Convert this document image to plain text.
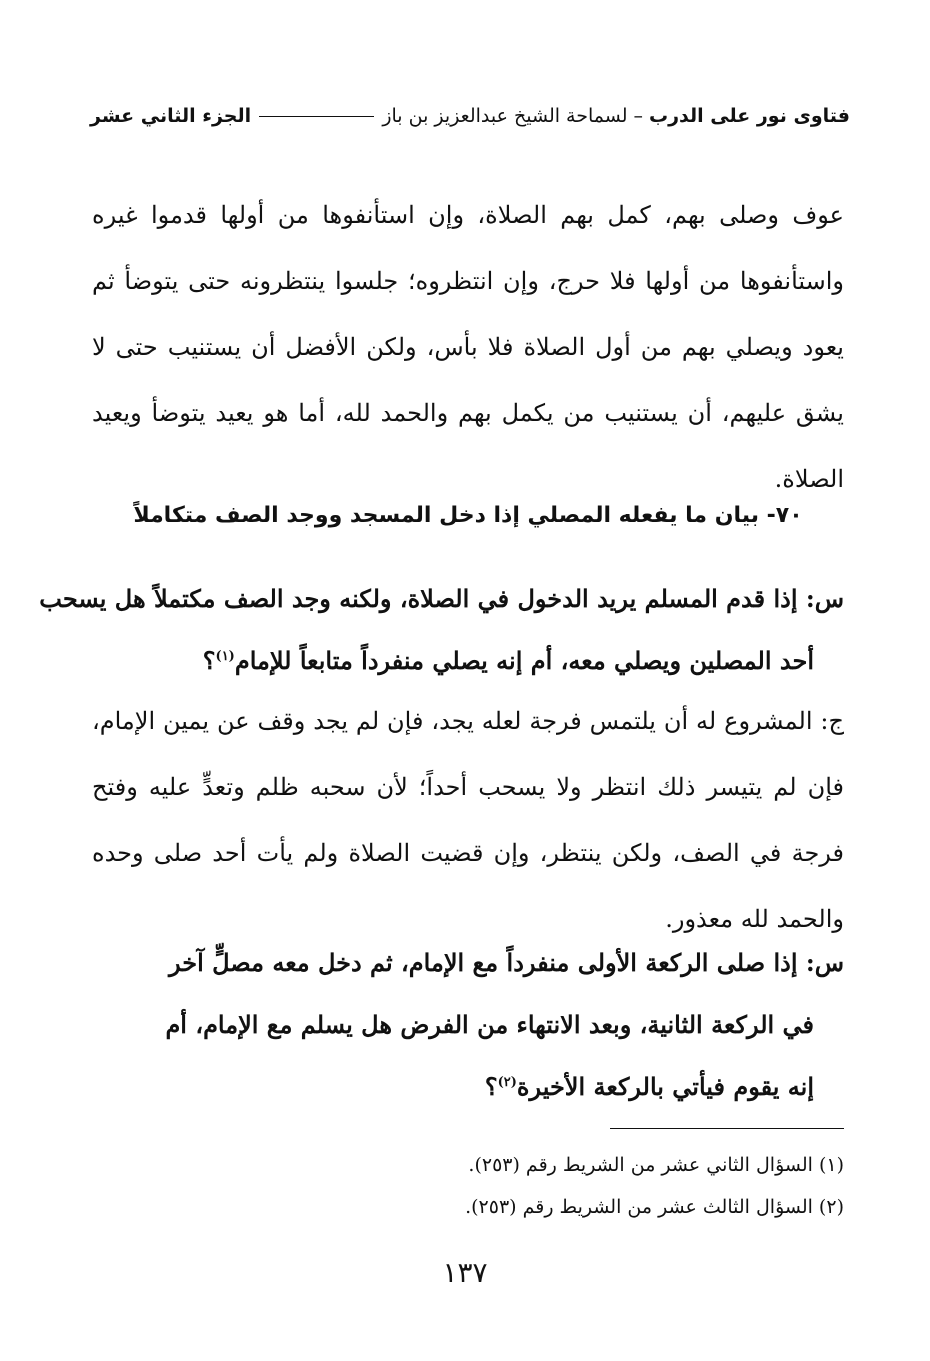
فتاوى نور على الدرب
–
لسماحة الشيخ عبدالعزيز بن باز
الجزء الثاني عشر
عوف وصلى بهم، كمل بهم الصلاة، وإن استأنفوها من أولها قدموا غيره واستأنفوها من أولها فلا حرج، وإن انتظروه؛ جلسوا ينتظرونه حتى يتوضأ ثم يعود ويصلي بهم من أول الصلاة فلا بأس، ولكن الأفضل أن يستنيب حتى لا يشق عليهم، أن يستنيب من يكمل بهم والحمد لله، أما هو يعيد يتوضأ ويعيد الصلاة.
٧٠- بيان ما يفعله المصلي إذا دخل المسجد ووجد الصف متكاملاً
س: إذا قدم المسلم يريد الدخول في الصلاة، ولكنه وجد الصف مكتملاً هل يسحب
أحد المصلين ويصلي معه، أم إنه يصلي منفرداً متابعاً للإمام$^{(١)}$؟
ج: المشروع له أن يلتمس فرجة لعله يجد، فإن لم يجد وقف عن يمين الإمام، فإن لم يتيسر ذلك انتظر ولا يسحب أحداً؛ لأن سحبه ظلم وتعدٍّ عليه وفتح فرجة في الصف، ولكن ينتظر، وإن قضيت الصلاة ولم يأت أحد صلى وحده والحمد لله معذور.
س: إذا صلى الركعة الأولى منفرداً مع الإمام، ثم دخل معه مصلٍّ آخر
في الركعة الثانية، وبعد الانتهاء من الفرض هل يسلم مع الإمام، أم
إنه يقوم فيأتي بالركعة الأخيرة$^{(٢)}$؟
(١) السؤال الثاني عشر من الشريط رقم (٢٥٣).
(٢) السؤال الثالث عشر من الشريط رقم (٢٥٣).
١٣٧
